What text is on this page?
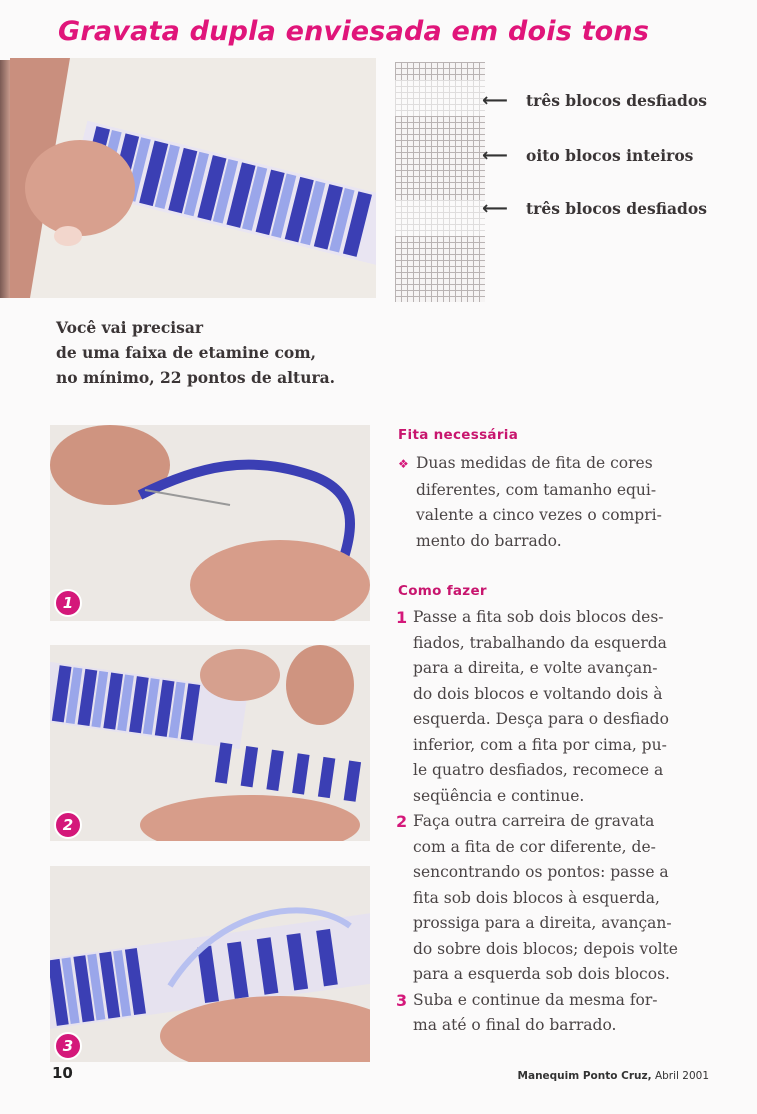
Gravata dupla enviesada em dois tons
⟵	três blocos desfiados
⟵	oito blocos inteiros
⟵	três blocos desfiados
Você vai precisar
de uma faixa de etamine com,
no mínimo, 22 pontos de altura.
1
2
3
Fita necessária
❖ Duas medidas de fita de cores
diferentes, com tamanho equi-
valente a cinco vezes o compri-
mento do barrado.
Como fazer
1 Passe a fita sob dois blocos des-
fiados, trabalhando da esquerda
para a direita, e volte avançan-
do dois blocos e voltando dois à
esquerda. Desça para o desfiado
inferior, com a fita por cima, pu-
le quatro desfiados, recomece a
seqüência e continue.
2 Faça outra carreira de gravata
com a fita de cor diferente, de-
sencontrando os pontos: passe a
fita sob dois blocos à esquerda,
prossiga para a direita, avançan-
do sobre dois blocos; depois volte
para a esquerda sob dois blocos.
3 Suba e continue da mesma for-
ma até o final do barrado.
10	Manequim Ponto Cruz, Abril 2001
